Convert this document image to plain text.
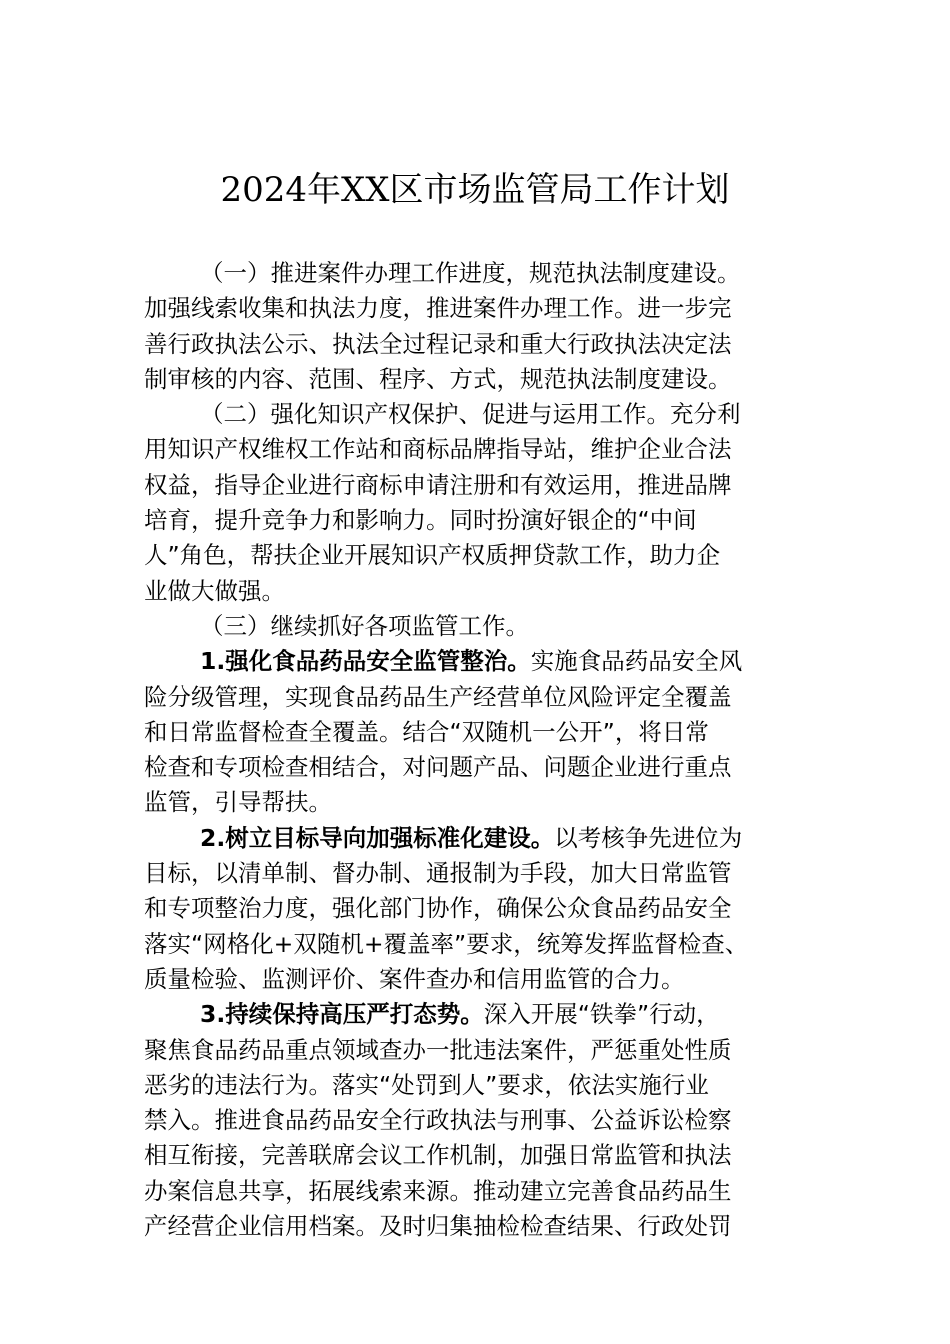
2024年XX区市场监管局工作计划
（一）推进案件办理工作进度，规范执法制度建设。
加强线索收集和执法力度，推进案件办理工作。进一步完
善行政执法公示、执法全过程记录和重大行政执法决定法
制审核的内容、范围、程序、方式，规范执法制度建设。
（二）强化知识产权保护、促进与运用工作。充分利
用知识产权维权工作站和商标品牌指导站，维护企业合法
权益，指导企业进行商标申请注册和有效运用，推进品牌
培育，提升竞争力和影响力。同时扮演好银企的“中间
人”角色，帮扶企业开展知识产权质押贷款工作，助力企
业做大做强。
（三）继续抓好各项监管工作。
1.强化食品药品安全监管整治。实施食品药品安全风
险分级管理，实现食品药品生产经营单位风险评定全覆盖
和日常监督检查全覆盖。结合“双随机一公开”，将日常
检查和专项检查相结合，对问题产品、问题企业进行重点
监管，引导帮扶。
2.树立目标导向加强标准化建设。以考核争先进位为
目标，以清单制、督办制、通报制为手段，加大日常监管
和专项整治力度，强化部门协作，确保公众食品药品安全
落实“网格化+双随机+覆盖率”要求，统筹发挥监督检查、
质量检验、监测评价、案件查办和信用监管的合力。
3.持续保持高压严打态势。深入开展“铁拳”行动，
聚焦食品药品重点领域查办一批违法案件，严惩重处性质
恶劣的违法行为。落实“处罚到人”要求，依法实施行业
禁入。推进食品药品安全行政执法与刑事、公益诉讼检察
相互衔接，完善联席会议工作机制，加强日常监管和执法
办案信息共享，拓展线索来源。推动建立完善食品药品生
产经营企业信用档案。及时归集抽检检查结果、行政处罚
